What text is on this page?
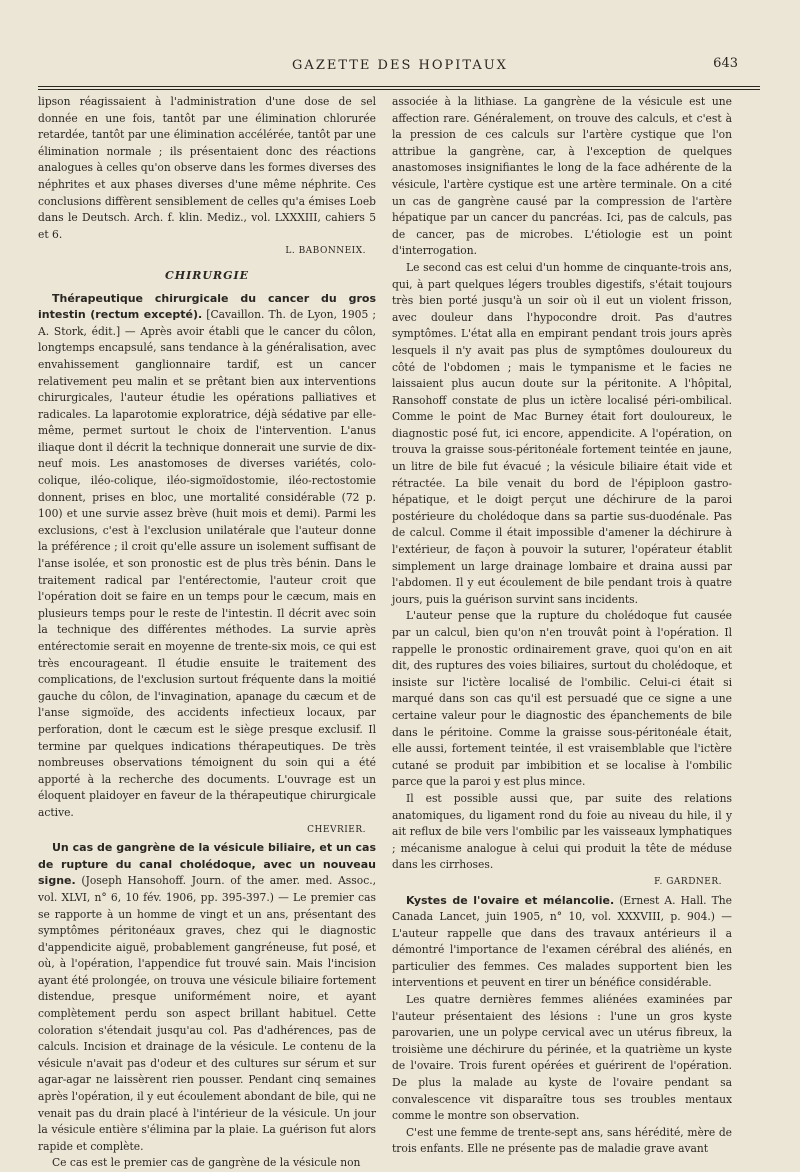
GAZETTE DES HOPITAUX	643

lipson réagissaient à l'administration d'une dose de sel donnée en une fois, tantôt par une élimination chlorurée retardée, tantôt par une élimination accélérée, tantôt par une élimination normale ; ils présentaient donc des réactions analogues à celles qu'on observe dans les formes diverses des néphrites et aux phases diverses d'une même néphrite. Ces conclusions diffèrent sensiblement de celles qu'a émises Loeb dans le Deutsch. Arch. f. klin. Mediz., vol. LXXXIII, cahiers 5 et 6.

L. BABONNEIX.
CHIRURGIE

Thérapeutique chirurgicale du cancer du gros intestin (rectum excepté). [Cavaillon. Th. de Lyon, 1905 ; A. Stork, édit.] — Après avoir établi que le cancer du côlon, longtemps encapsulé, sans tendance à la généralisation, avec envahissement ganglionnaire tardif, est un cancer relativement peu malin et se prêtant bien aux interventions chirurgicales, l'auteur étudie les opérations palliatives et radicales. La laparotomie exploratrice, déjà sédative par elle-même, permet surtout le choix de l'intervention. L'anus iliaque dont il décrit la technique donnerait une survie de dix-neuf mois. Les anastomoses de diverses variétés, colo-colique, iléo-colique, iléo-sigmoïdostomie, iléo-rectostomie donnent, prises en bloc, une mortalité considérable (72 p. 100) et une survie assez brève (huit mois et demi). Parmi les exclusions, c'est à l'exclusion unilatérale que l'auteur donne la préférence ; il croit qu'elle assure un isolement suffisant de l'anse isolée, et son pronostic est de plus très bénin. Dans le traitement radical par l'entérectomie, l'auteur croit que l'opération doit se faire en un temps pour le cæcum, mais en plusieurs temps pour le reste de l'intestin. Il décrit avec soin la technique des différentes méthodes. La survie après entérectomie serait en moyenne de trente-six mois, ce qui est très encourageant. Il étudie ensuite le traitement des complications, de l'exclusion surtout fréquente dans la moitié gauche du côlon, de l'invagination, apanage du cæcum et de l'anse sigmoïde, des accidents infectieux locaux, par perforation, dont le cæcum est le siège presque exclusif. Il termine par quelques indications thérapeutiques. De très nombreuses observations témoignent du soin qui a été apporté à la recherche des documents. L'ouvrage est un éloquent plaidoyer en faveur de la thérapeutique chirurgicale active.

CHEVRIER.

Un cas de gangrène de la vésicule biliaire, et un cas de rupture du canal cholédoque, avec un nouveau signe. (Joseph Hansohoff. Journ. of the amer. med. Assoc., vol. XLVI, n° 6, 10 fév. 1906, pp. 395-397.) — Le premier cas se rapporte à un homme de vingt et un ans, présentant des symptômes péritonéaux graves, chez qui le diagnostic d'appendicite aiguë, probablement gangréneuse, fut posé, et où, à l'opération, l'appendice fut trouvé sain. Mais l'incision ayant été prolongée, on trouva une vésicule biliaire fortement distendue, presque uniformément noire, et ayant complètement perdu son aspect brillant habituel. Cette coloration s'étendait jusqu'au col. Pas d'adhérences, pas de calculs. Incision et drainage de la vésicule. Le contenu de la vésicule n'avait pas d'odeur et des cultures sur sérum et sur agar-agar ne laissèrent rien pousser. Pendant cinq semaines après l'opération, il y eut écoulement abondant de bile, qui ne venait pas du drain placé à l'intérieur de la vésicule. Un jour la vésicule entière s'élimina par la plaie. La guérison fut alors rapide et complète.

Ce cas est le premier cas de gangrène de la vésicule non

associée à la lithiase. La gangrène de la vésicule est une affection rare. Généralement, on trouve des calculs, et c'est à la pression de ces calculs sur l'artère cystique que l'on attribue la gangrène, car, à l'exception de quelques anastomoses insignifiantes le long de la face adhérente de la vésicule, l'artère cystique est une artère terminale. On a cité un cas de gangrène causé par la compression de l'artère hépatique par un cancer du pancréas. Ici, pas de calculs, pas de cancer, pas de microbes. L'étiologie est un point d'interrogation.

Le second cas est celui d'un homme de cinquante-trois ans, qui, à part quelques légers troubles digestifs, s'était toujours très bien porté jusqu'à un soir où il eut un violent frisson, avec douleur dans l'hypocondre droit. Pas d'autres symptômes. L'état alla en empirant pendant trois jours après lesquels il n'y avait pas plus de symptômes douloureux du côté de l'obdomen ; mais le tympanisme et le facies ne laissaient plus aucun doute sur la péritonite. A l'hôpital, Ransohoff constate de plus un ictère localisé péri-ombilical. Comme le point de Mac Burney était fort douloureux, le diagnostic posé fut, ici encore, appendicite. A l'opération, on trouva la graisse sous-péritonéale fortement teintée en jaune, un litre de bile fut évacué ; la vésicule biliaire était vide et rétractée. La bile venait du bord de l'épiploon gastro-hépatique, et le doigt perçut une déchirure de la paroi postérieure du cholédoque dans sa partie sus-duodénale. Pas de calcul. Comme il était impossible d'amener la déchirure à l'extérieur, de façon à pouvoir la suturer, l'opérateur établit simplement un large drainage lombaire et draina aussi par l'abdomen. Il y eut écoulement de bile pendant trois à quatre jours, puis la guérison survint sans incidents.

L'auteur pense que la rupture du cholédoque fut causée par un calcul, bien qu'on n'en trouvât point à l'opération. Il rappelle le pronostic ordinairement grave, quoi qu'on en ait dit, des ruptures des voies biliaires, surtout du cholédoque, et insiste sur l'ictère localisé de l'ombilic. Celui-ci était si marqué dans son cas qu'il est persuadé que ce signe a une certaine valeur pour le diagnostic des épanchements de bile dans le péritoine. Comme la graisse sous-péritonéale était, elle aussi, fortement teintée, il est vraisemblable que l'ictère cutané se produit par imbibition et se localise à l'ombilic parce que la paroi y est plus mince.

Il est possible aussi que, par suite des relations anatomiques, du ligament rond du foie au niveau du hile, il y ait reflux de bile vers l'ombilic par les vaisseaux lymphatiques ; mécanisme analogue à celui qui produit la tête de méduse dans les cirrhoses.

F. GARDNER.

Kystes de l'ovaire et mélancolie. (Ernest A. Hall. The Canada Lancet, juin 1905, n° 10, vol. XXXVIII, p. 904.) — L'auteur rappelle que dans des travaux antérieurs il a démontré l'importance de l'examen cérébral des aliénés, en particulier des femmes. Ces malades supportent bien les interventions et peuvent en tirer un bénéfice considérable.

Les quatre dernières femmes aliénées examinées par l'auteur présentaient des lésions : l'une un gros kyste parovarien, une un polype cervical avec un utérus fibreux, la troisième une déchirure du périnée, et la quatrième un kyste de l'ovaire. Trois furent opérées et guérirent de l'opération. De plus la malade au kyste de l'ovaire pendant sa convalescence vit disparaître tous ses troubles mentaux comme le montre son observation.

C'est une femme de trente-sept ans, sans hérédité, mère de trois enfants. Elle ne présente pas de maladie grave avant
